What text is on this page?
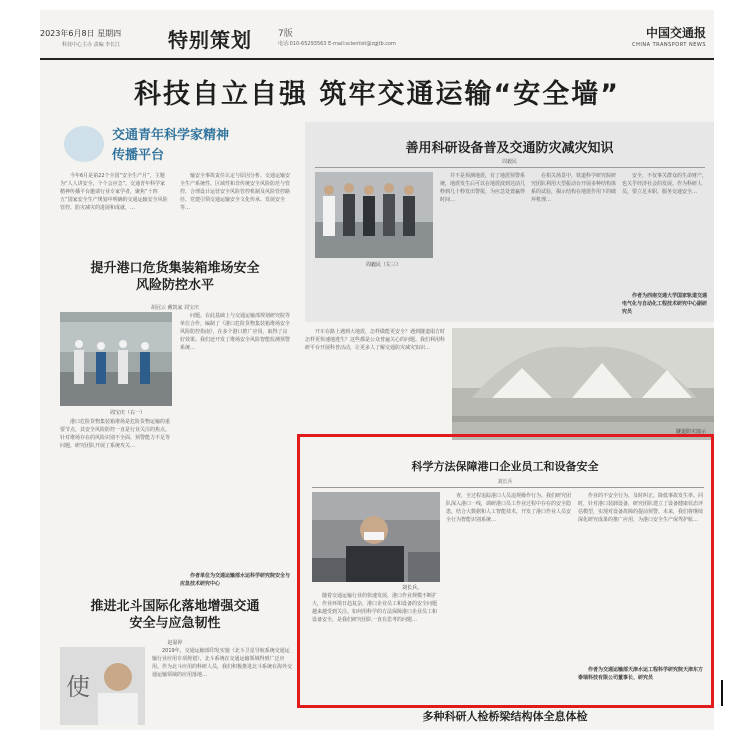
2023年6月8日 星期四
科技中心主办 责编 李长江 特别策划	7版
电话:010-65293563 E-mail:scientist@zgjtb.com
中国交通报
CHINA TRANSPORT NEWS
科技自立自强 筑牢交通运输“安全墙”
交通青年科学家精神
传播平台

今年6月是第22个全国“安全生产月”，主题为“人人讲安全、个个会应急”。交通青年科学家精神传播平台邀请行业专家学者，聚焦“十四五”国家安全生产规划中明确的交通运输安全风险管控、防灾减灾的进展和成就，…

输安全事故责任认定与原因分析、交通运输安全生产系统性、区域性和非传统安全风险防范与管控、合理设计运营安全风险管控机制及风险管控路径、党建引领交通运输安全文化传承、发展安全等…

善用科研设备普及交通防灾减灾知识
周毅民
周毅民（左三）

并不是预测地震，有了地震预警系统，地震发生后可以在地震波到达前几秒到几十秒发出警报，为应急处置赢得时间…

在相关场景中，铁道科学研究院研究团队利用大型振动台开展多种结构体系的试验，揭示结构在地震作用下的破坏机理…

安全，不仅事关群众的生命财产，也关乎经济社会的发展。作为科研人员，要立足本职，服务交通安全…

作者为西南交通大学国家轨道交通电气化与自动化工程技术研究中心副研究员

开车在路上遇到大地震，怎样做能更安全？遇到隧道塌方时怎样更快速地逃生？这些都是公众普遍关心的问题。我们利用科研平台开展科普活动，让更多人了解交通防灾减灾知识…

隧道防灾演示
提升港口危货集装箱堆场安全风险防控水平
胡冠云 戴凯家 周宝庆
周宝庆（右一）

港口危险货物集装箱堆场是危险货物运输的重要节点，其安全风险防控一直是行业关注的焦点。针对堆场存在的风险识别不全面、预警能力不足等问题，研究团队开展了系统攻关…

问题。在此基础上与交通运输部规划研究院等单位合作，编制了《港口危险货物集装箱堆场安全风险防控指南》，在多个港口推广应用，取得了良好效果。我们还开发了堆场安全风险智能监测预警系统…

作者单位为交通运输部水运科学研究院安全与应急技术研究中心

推进北斗国际化落地增强交通安全与应急韧性
赵温婷
使

2019年，交通运输部印发实施《北斗卫星导航系统交通运输行业应用专项规划》，北斗系统在交通运输领域得到广泛应用。作为北斗应用的科研人员，我们积极推进北斗系统在海外交通运输领域的应用落地…

科学方法保障港口企业员工和设备安全
刘长兵
刘长兵。

随着交通运输行业的快速发展，港口作业规模不断扩大，作业环境日趋复杂，港口企业员工和设备的安全问题越来越受到关注。如何用科学的方法保障港口企业员工和设备安全，是我们研究团队一直在思考的问题…

查，全过程追踪港口人员违规操作行为。我们研究团队深入港口一线，调研港口员工作业过程中存在的安全隐患，结合大数据和人工智能技术，开发了港口作业人员安全行为智能识别系统…

作业的不安全行为，及时纠正，降低事故发生率。同时，针对港口装卸设备，研究团队建立了设备健康状态评估模型，实现对设备故障的提前预警。未来，我们将继续深化研究成果的推广应用，为港口安全生产保驾护航…

作者为交通运输部天津水运工程科学研究院天津东方泰瑞科技有限公司董事长、研究员

多种科研人检桥梁结构体全息体检
